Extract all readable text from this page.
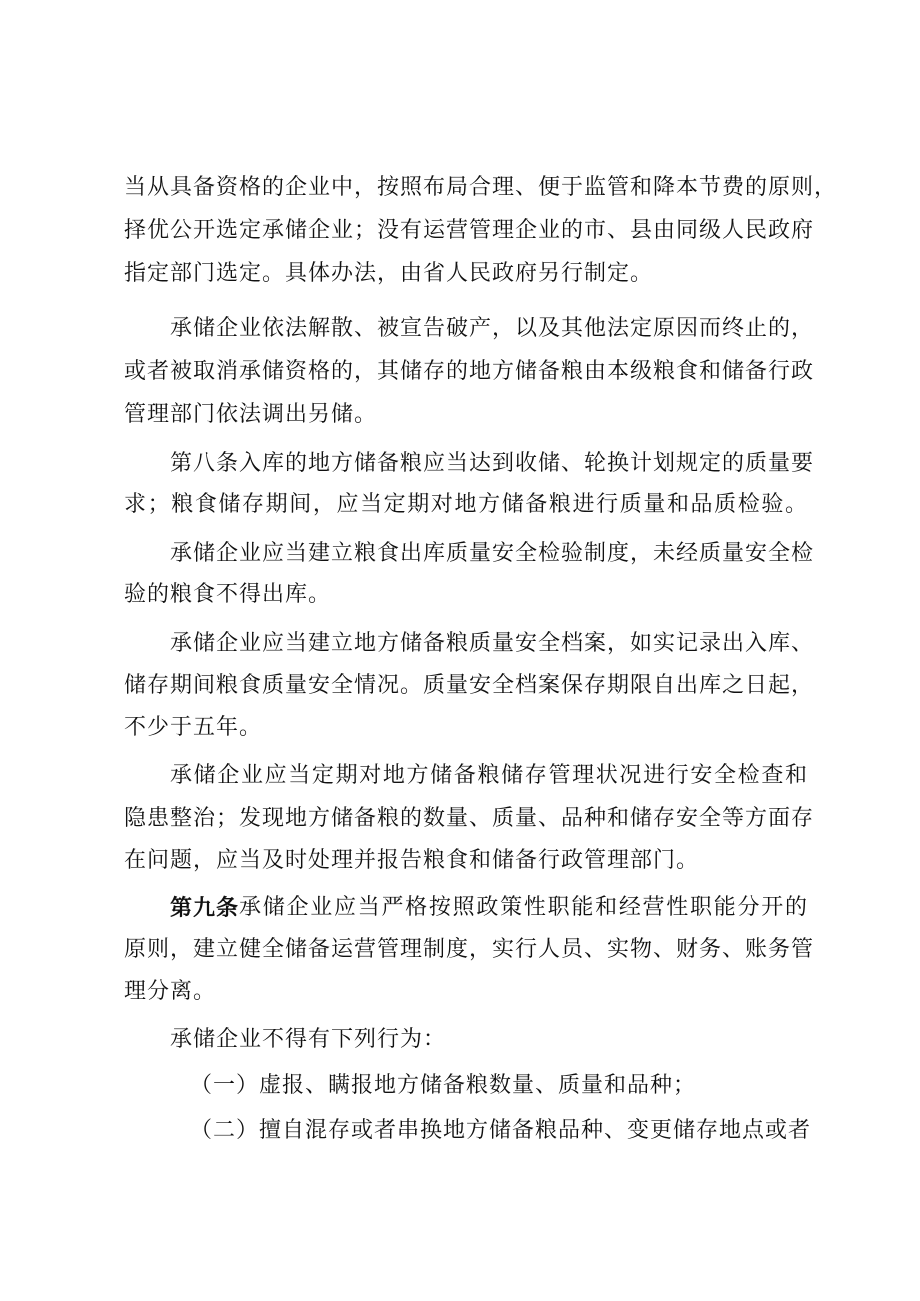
当从具备资格的企业中，按照布局合理、便于监管和降本节费的原则，
择优公开选定承储企业；没有运营管理企业的市、县由同级人民政府
指定部门选定。具体办法，由省人民政府另行制定。
承储企业依法解散、被宣告破产，以及其他法定原因而终止的，
或者被取消承储资格的，其储存的地方储备粮由本级粮食和储备行政
管理部门依法调出另储。
第八条入库的地方储备粮应当达到收储、轮换计划规定的质量要
求；粮食储存期间，应当定期对地方储备粮进行质量和品质检验。
承储企业应当建立粮食出库质量安全检验制度，未经质量安全检
验的粮食不得出库。
承储企业应当建立地方储备粮质量安全档案，如实记录出入库、
储存期间粮食质量安全情况。质量安全档案保存期限自出库之日起，
不少于五年。
承储企业应当定期对地方储备粮储存管理状况进行安全检查和
隐患整治；发现地方储备粮的数量、质量、品种和储存安全等方面存
在问题，应当及时处理并报告粮食和储备行政管理部门。
第九条 承储企业应当严格按照政策性职能和经营性职能分开的
原则，建立健全储备运营管理制度，实行人员、实物、财务、账务管
理分离。
承储企业不得有下列行为：
（一）虚报、瞒报地方储备粮数量、质量和品种；
（二）擅自混存或者串换地方储备粮品种、变更储存地点或者
